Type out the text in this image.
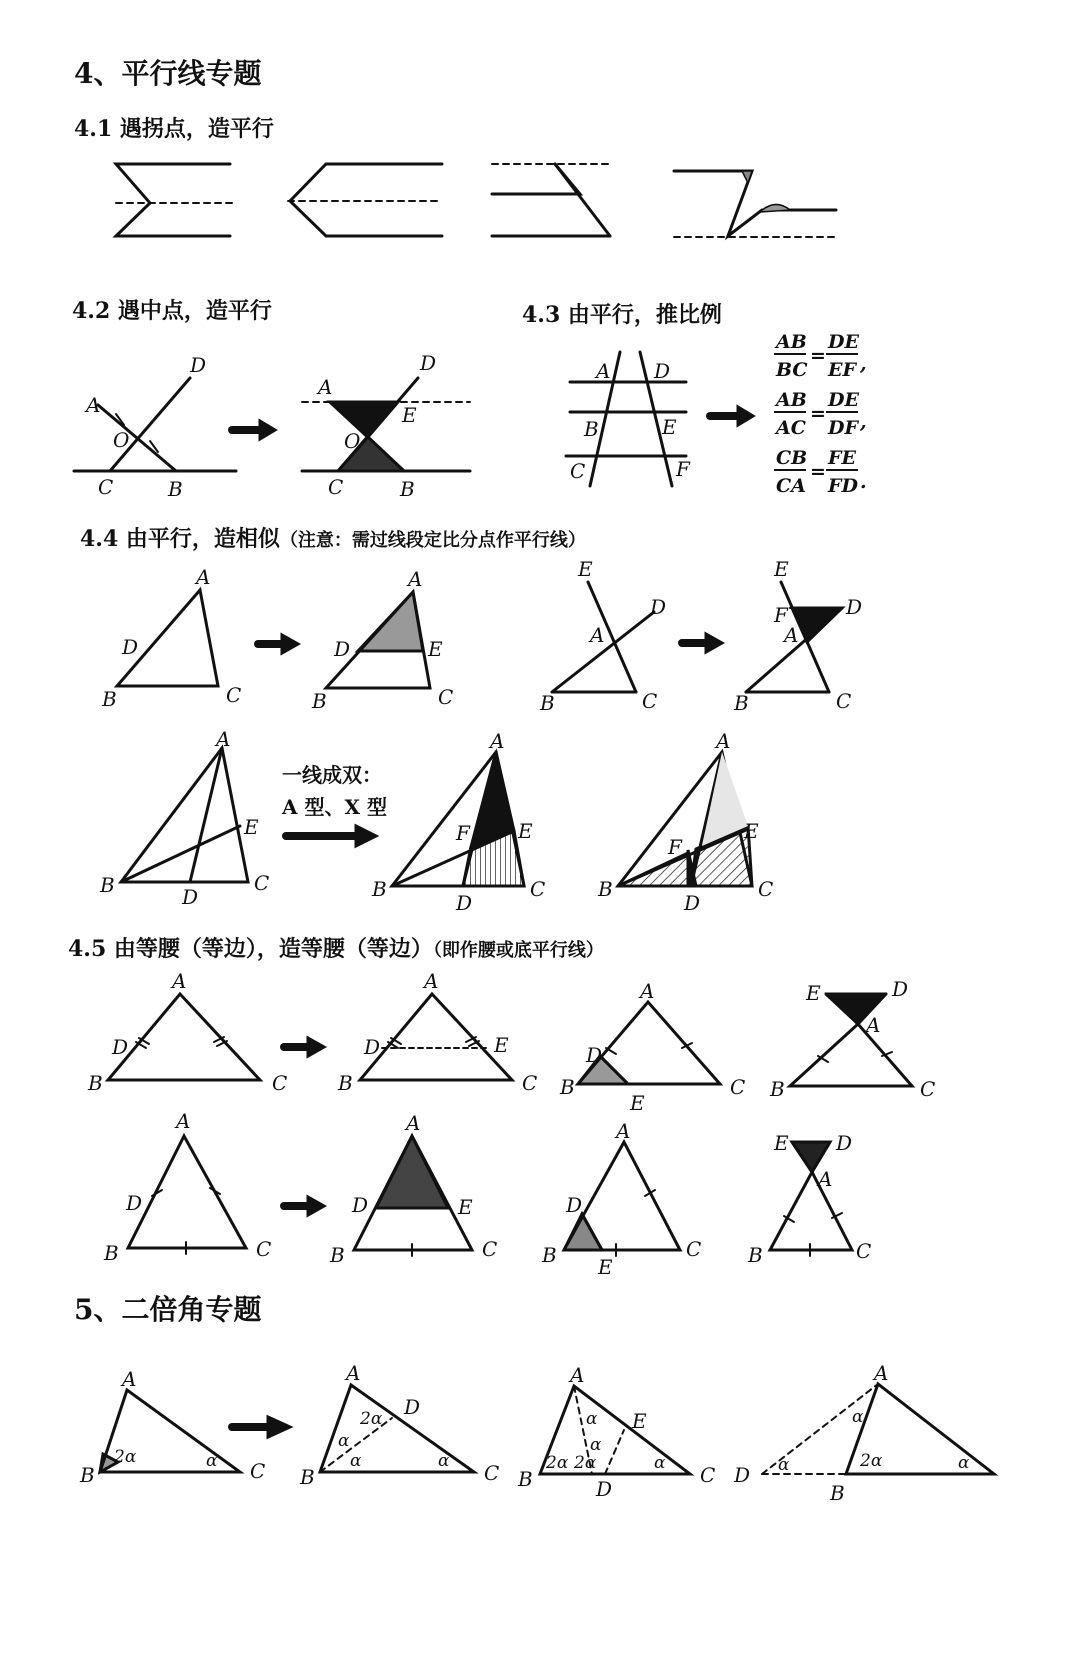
4、平行线专题
4.1 遇拐点，造平行
4.2 遇中点，造平行	4.3 由平行，推比例
4.4 由平行，造相似（注意：需过线段定比分点作平行线）
4.5 由等腰（等边），造等腰（等边）（即作腰或底平行线）
5、二倍角专题
D
A
O
C	B
D
A
E
O
C	B
A D
B	E
C	F
A
D
B	C
A
D	E
B	C
E
D
A
B	C
E
D
F
A
B	C
A
E
B	D
C
A
F E
B
D
C
A
F
E
B
D
C
A
D
B	C
A
D	E
B	C
A
D
B
E
C
E	D
A
B	C
A
D
B	C
A
D	E
B	C
A
D
B E
C
E D
A
B	C
A
B	C
2α	α
A
D
B	C
2α
α
α	α
A
E
B	D
C
α
α
2α 2α	α
A
D
B
α
2α
α	α
一线成双：
A 型、X 型
AB
BC
=
DE
EF ,
AB
AC
=
DE
DF ,
CB
CA
=
FE
FD .
